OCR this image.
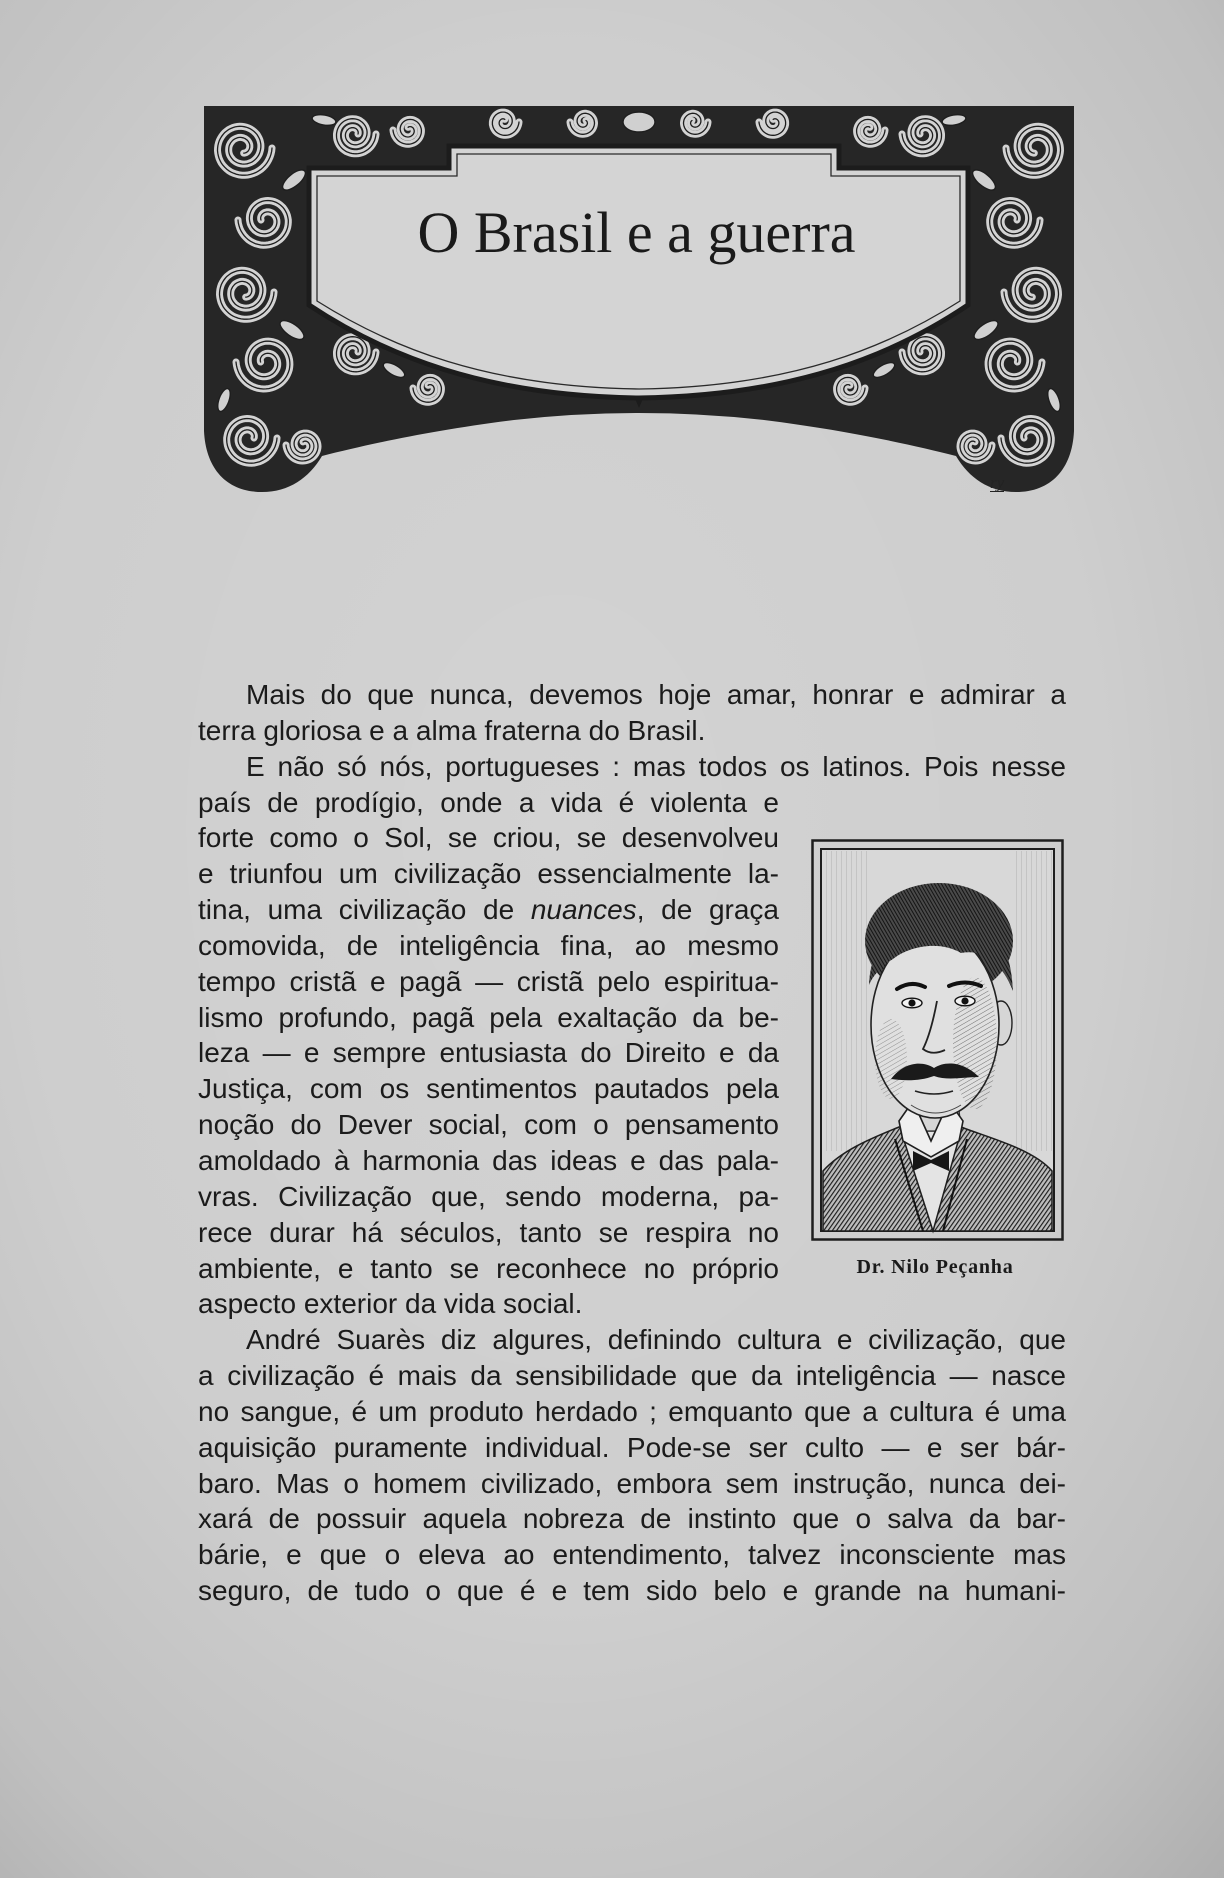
O Brasil e a guerra
ry
Mais do que nunca, devemos hoje amar, honrar e admirar a
terra gloriosa e a alma fraterna do Brasil.
E não só nós, portugueses : mas todos os latinos. Pois nesse
país de prodígio, onde a vida é violenta e
forte como o Sol, se criou, se desenvolveu
e triunfou um civilização essencialmente la-
tina, uma civilização de nuances, de graça
comovida, de inteligência fina, ao mesmo
tempo cristã e pagã — cristã pelo espiritua-
lismo profundo, pagã pela exaltação da be-
leza — e sempre entusiasta do Direito e da
Justiça, com os sentimentos pautados pela
noção do Dever social, com o pensamento
amoldado à harmonia das ideas e das pala-
vras. Civilização que, sendo moderna, pa-
rece durar há séculos, tanto se respira no
ambiente, e tanto se reconhece no próprio
aspecto exterior da vida social.
André Suarès diz algures, definindo cultura e civilização, que
a civilização é mais da sensibilidade que da inteligência — nasce
no sangue, é um produto herdado ; emquanto que a cultura é uma
aquisição puramente individual. Pode-se ser culto — e ser bár-
baro. Mas o homem civilizado, embora sem instrução, nunca dei-
xará de possuir aquela nobreza de instinto que o salva da bar-
bárie, e que o eleva ao entendimento, talvez inconsciente mas
seguro, de tudo o que é e tem sido belo e grande na humani-
Dr. Nilo Peçanha
